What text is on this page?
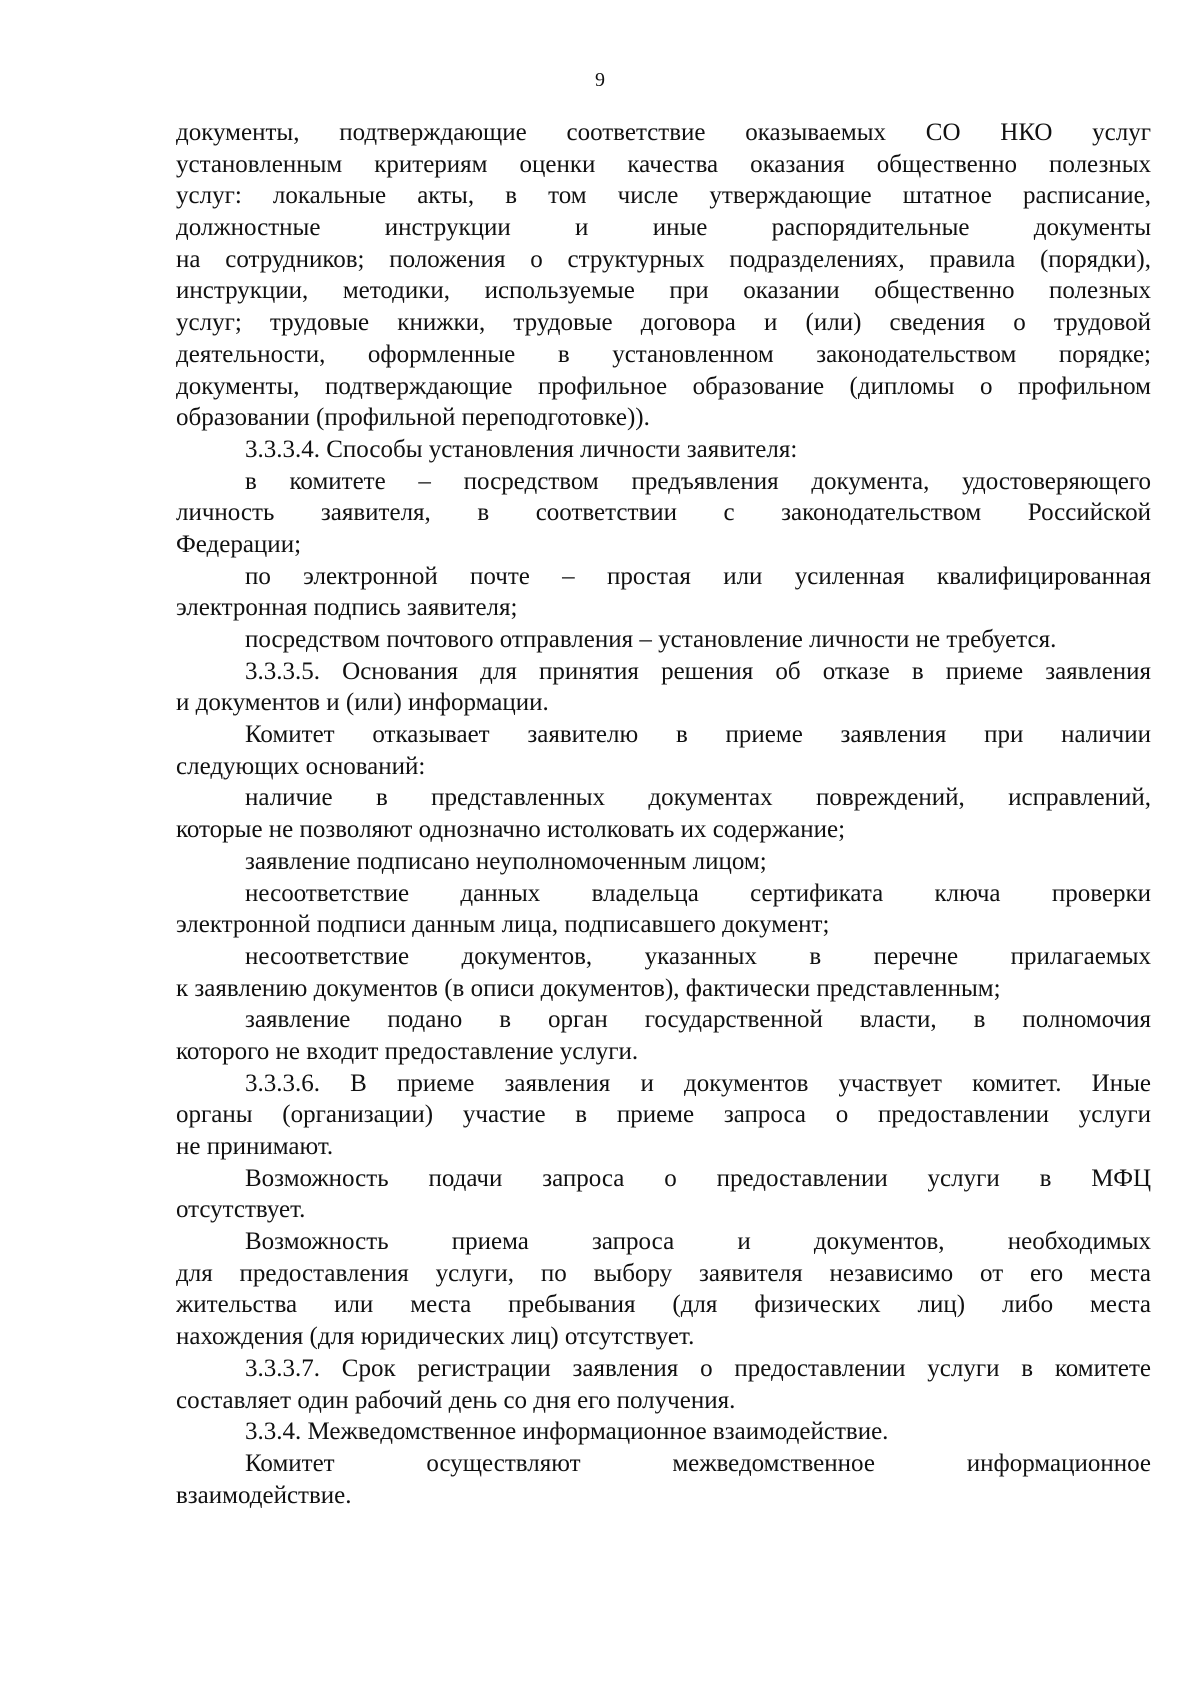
9

документы, подтверждающие соответствие оказываемых СО НКО услуг
установленным критериям оценки качества оказания общественно полезных
услуг: локальные акты, в том числе утверждающие штатное расписание,
должностные инструкции и иные распорядительные документы
на сотрудников; положения о структурных подразделениях, правила (порядки),
инструкции, методики, используемые при оказании общественно полезных
услуг; трудовые книжки, трудовые договора и (или) сведения о трудовой
деятельности, оформленные в установленном законодательством порядке;
документы, подтверждающие профильное образование (дипломы о профильном
образовании (профильной переподготовке)).

3.3.3.4. Способы установления личности заявителя:

в комитете – посредством предъявления документа, удостоверяющего
личность заявителя, в соответствии с законодательством Российской
Федерации;

по электронной почте – простая или усиленная квалифицированная
электронная подпись заявителя;

посредством почтового отправления – установление личности не требуется.

3.3.3.5. Основания для принятия решения об отказе в приеме заявления
и документов и (или) информации.

Комитет отказывает заявителю в приеме заявления при наличии
следующих оснований:

наличие в представленных документах повреждений, исправлений,
которые не позволяют однозначно истолковать их содержание;

заявление подписано неуполномоченным лицом;

несоответствие данных владельца сертификата ключа проверки
электронной подписи данным лица, подписавшего документ;

несоответствие документов, указанных в перечне прилагаемых
к заявлению документов (в описи документов), фактически представленным;

заявление подано в орган государственной власти, в полномочия
которого не входит предоставление услуги.

3.3.3.6. В приеме заявления и документов участвует комитет. Иные
органы (организации) участие в приеме запроса о предоставлении услуги
не принимают.

Возможность подачи запроса о предоставлении услуги в МФЦ
отсутствует.

Возможность приема запроса и документов, необходимых
для предоставления услуги, по выбору заявителя независимо от его места
жительства или места пребывания (для физических лиц) либо места
нахождения (для юридических лиц) отсутствует.

3.3.3.7. Срок регистрации заявления о предоставлении услуги в комитете
составляет один рабочий день со дня его получения.

3.3.4. Межведомственное информационное взаимодействие.

Комитет осуществляют межведомственное информационное
взаимодействие.
